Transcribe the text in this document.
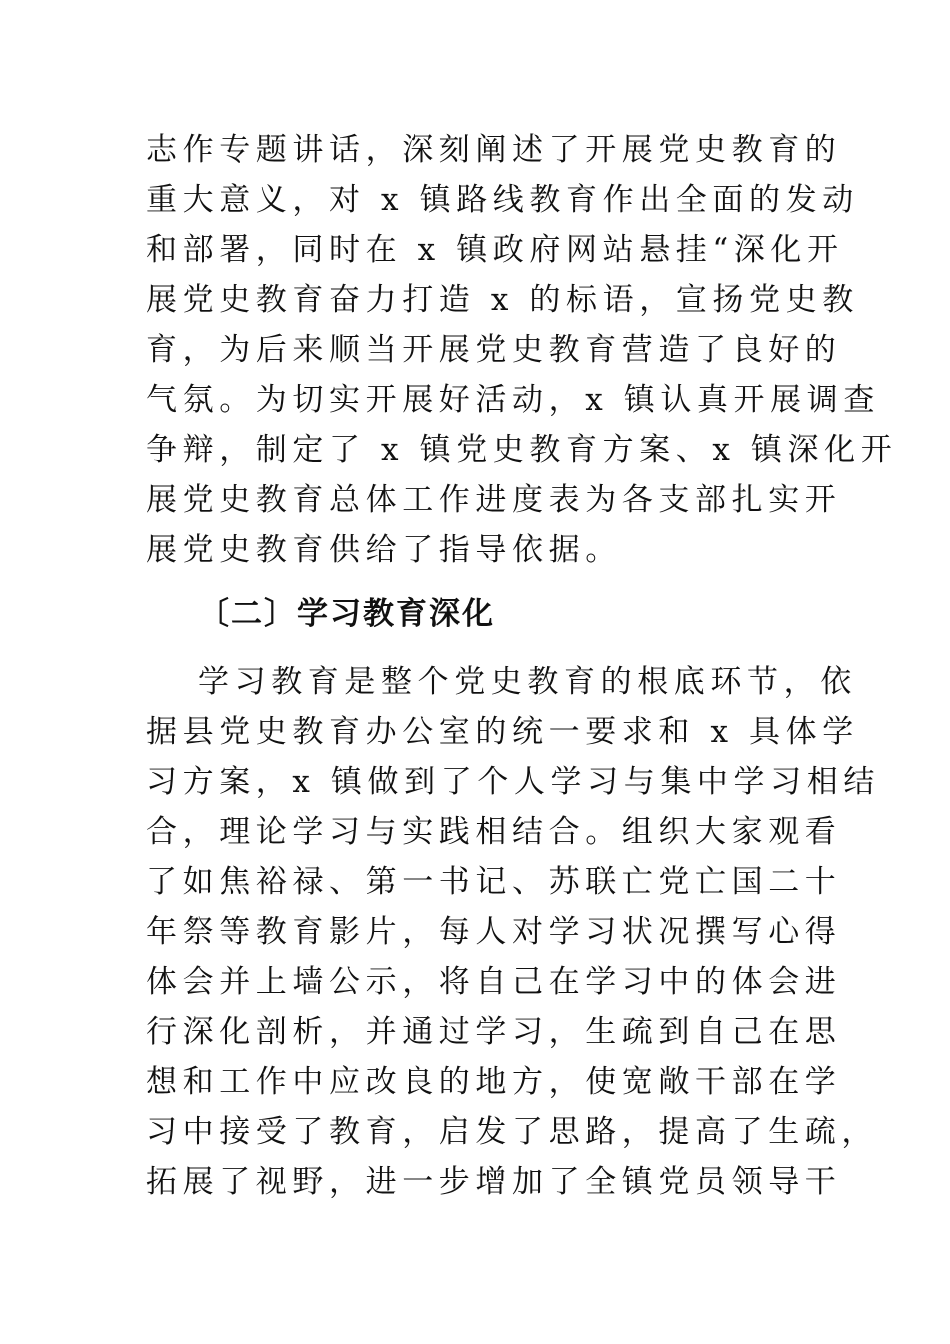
志作专题讲话，深刻阐述了开展党史教育的
重大意义，对 x 镇路线教育作出全面的发动
和部署，同时在 x 镇政府网站悬挂“深化开
展党史教育奋力打造 x 的标语，宣扬党史教
育，为后来顺当开展党史教育营造了良好的
气氛。为切实开展好活动，x 镇认真开展调查
争辩，制定了 x 镇党史教育方案、x 镇深化开
展党史教育总体工作进度表为各支部扎实开
展党史教育供给了指导依据。
〔二〕学习教育深化
学习教育是整个党史教育的根底环节，依
据县党史教育办公室的统一要求和 x 具体学
习方案，x 镇做到了个人学习与集中学习相结
合，理论学习与实践相结合。组织大家观看
了如焦裕禄、第一书记、苏联亡党亡国二十
年祭等教育影片，每人对学习状况撰写心得
体会并上墙公示，将自己在学习中的体会进
行深化剖析，并通过学习，生疏到自己在思
想和工作中应改良的地方，使宽敞干部在学
习中接受了教育，启发了思路，提高了生疏，
拓展了视野，进一步增加了全镇党员领导干
